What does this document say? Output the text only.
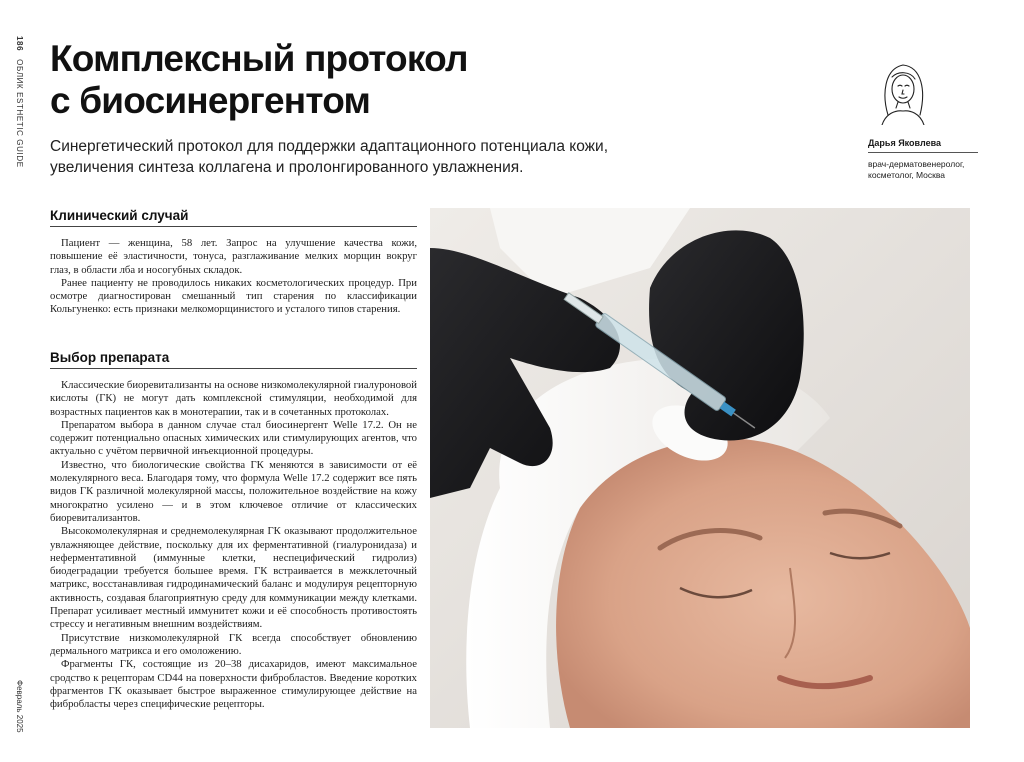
186ОБЛИК ESTHETIC GUIDE
Февраль 2025
Комплексный протокол
с биосинергентом

Синергетический протокол для поддержки адаптационного потенциала кожи, увеличения синтеза коллагена и пролонгированного увлажнения.

Дарья Яковлева
врач-дерматовенеролог,
косметолог, Москва
Клинический случай

Пациент — женщина, 58 лет. Запрос на улучшение качества кожи, повышение её эластичности, тонуса, разглаживание мелких морщин вокруг глаз, в области лба и носогубных складок.

Ранее пациенту не проводилось никаких косметологических процедур. При осмотре диагностирован смешанный тип старения по классификации Кольгуненко: есть признаки мелкоморщинистого и усталого типов старения.

Выбор препарата

Классические биоревитализанты на основе низкомолекулярной гиалуроновой кислоты (ГК) не могут дать комплексной стимуляции, необходимой для возрастных пациентов как в монотерапии, так и в сочетанных протоколах.

Препаратом выбора в данном случае стал биосинергент Welle 17.2. Он не содержит потенциально опасных химических или стимулирующих агентов, что актуально с учётом первичной инъекционной процедуры.

Известно, что биологические свойства ГК меняются в зависимости от её молекулярного веса. Благодаря тому, что формула Welle 17.2 содержит все пять видов ГК различной молекулярной массы, положительное воздействие на кожу многократно усилено — и в этом ключевое отличие от классических биоревитализантов.

Высокомолекулярная и среднемолекулярная ГК оказывают продолжительное увлажняющее действие, поскольку для их ферментативной (гиалуронидаза) и неферментативной (иммунные клетки, неспецифический гидролиз) биодеградации требуется большее время. ГК встраивается в межклеточный матрикс, восстанавливая гидродинамический баланс и модулируя рецепторную активность, создавая благоприятную среду для коммуникации между клетками. Препарат усиливает местный иммунитет кожи и её способность противостоять стрессу и негативным внешним воздействиям.

Присутствие низкомолекулярной ГК всегда способствует обновлению дермального матрикса и его омоложению.

Фрагменты ГК, состоящие из 20–38 дисахаридов, имеют максимальное сродство к рецепторам CD44 на поверхности фибробластов. Введение коротких фрагментов ГК оказывает быстрое выраженное стимулирующее действие на фибробласты через специфические рецепторы.
